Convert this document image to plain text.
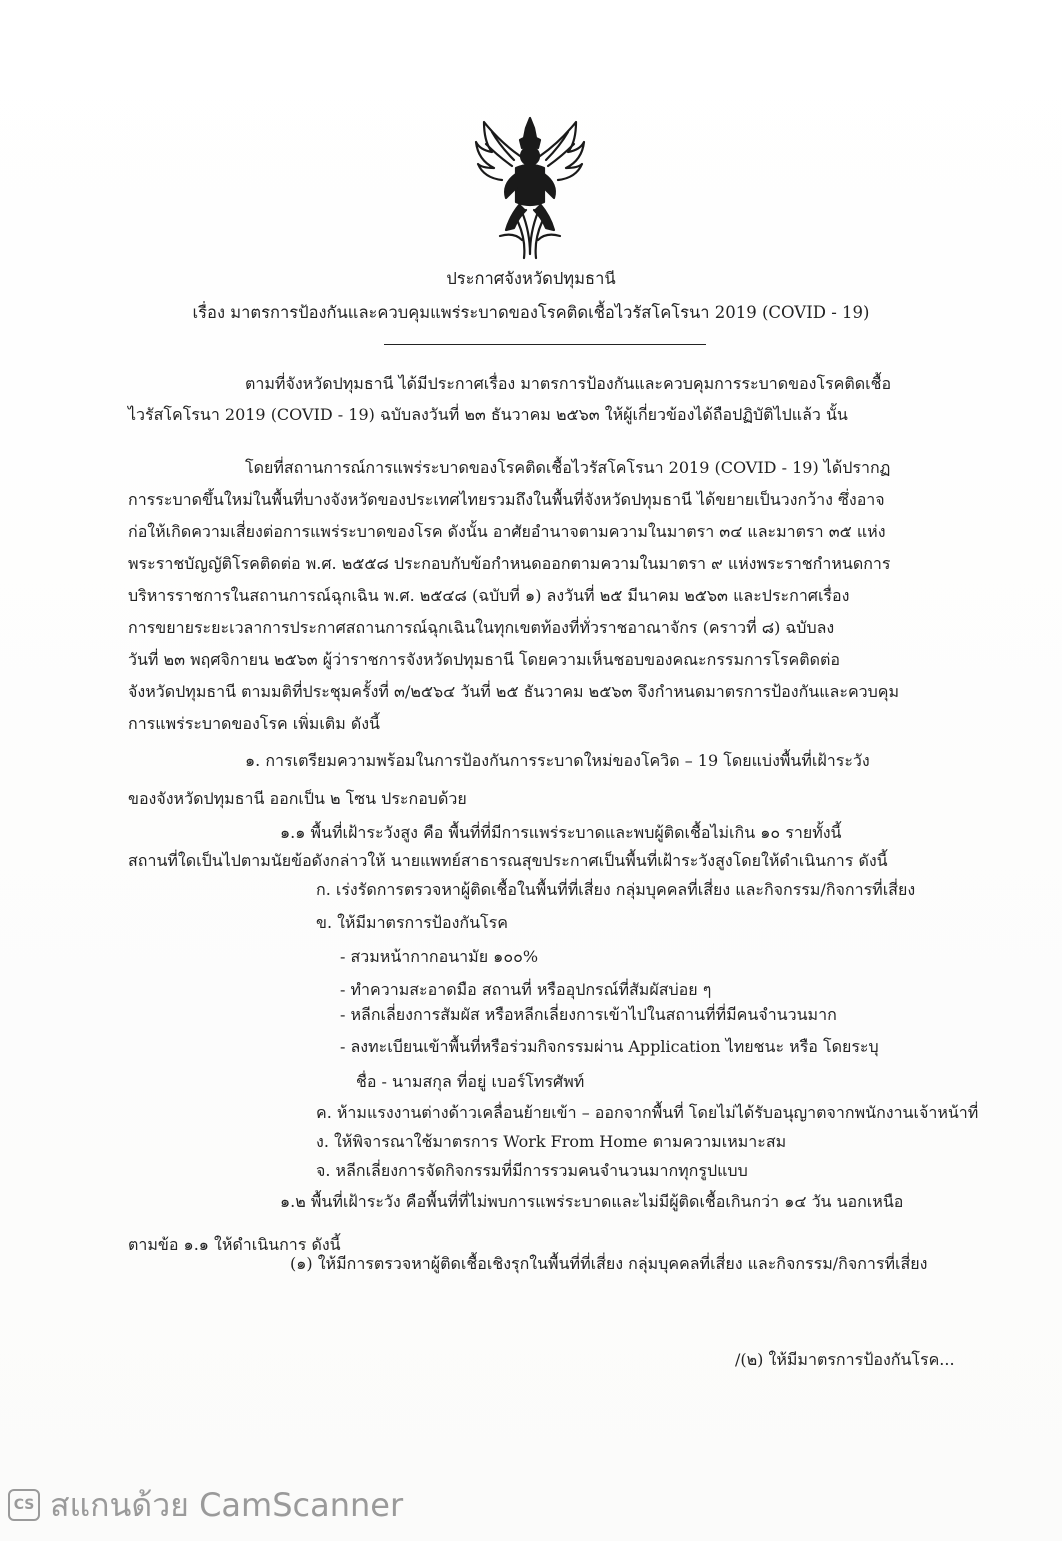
ประกาศจังหวัดปทุมธานี
เรื่อง มาตรการป้องกันและควบคุมแพร่ระบาดของโรคติดเชื้อไวรัสโคโรนา 2019 (COVID - 19)
ตามที่จังหวัดปทุมธานี ได้มีประกาศเรื่อง มาตรการป้องกันและควบคุมการระบาดของโรคติดเชื้อ
ไวรัสโคโรนา 2019 (COVID - 19) ฉบับลงวันที่ ๒๓ ธันวาคม ๒๕๖๓ ให้ผู้เกี่ยวข้องได้ถือปฏิบัติไปแล้ว นั้น
โดยที่สถานการณ์การแพร่ระบาดของโรคติดเชื้อไวรัสโคโรนา 2019 (COVID - 19) ได้ปรากฏ
การระบาดขึ้นใหม่ในพื้นที่บางจังหวัดของประเทศไทยรวมถึงในพื้นที่จังหวัดปทุมธานี ได้ขยายเป็นวงกว้าง ซึ่งอาจ
ก่อให้เกิดความเสี่ยงต่อการแพร่ระบาดของโรค ดังนั้น อาศัยอำนาจตามความในมาตรา ๓๔ และมาตรา ๓๕ แห่ง
พระราชบัญญัติโรคติดต่อ พ.ศ. ๒๕๕๘ ประกอบกับข้อกำหนดออกตามความในมาตรา ๙ แห่งพระราชกำหนดการ
บริหารราชการในสถานการณ์ฉุกเฉิน พ.ศ. ๒๕๔๘ (ฉบับที่ ๑) ลงวันที่ ๒๕ มีนาคม ๒๕๖๓ และประกาศเรื่อง
การขยายระยะเวลาการประกาศสถานการณ์ฉุกเฉินในทุกเขตท้องที่ทั่วราชอาณาจักร (คราวที่ ๘) ฉบับลง
วันที่ ๒๓ พฤศจิกายน ๒๕๖๓ ผู้ว่าราชการจังหวัดปทุมธานี โดยความเห็นชอบของคณะกรรมการโรคติดต่อ
จังหวัดปทุมธานี ตามมติที่ประชุมครั้งที่ ๓/๒๕๖๔ วันที่ ๒๕ ธันวาคม ๒๕๖๓ จึงกำหนดมาตรการป้องกันและควบคุม
การแพร่ระบาดของโรค เพิ่มเติม ดังนี้
๑. การเตรียมความพร้อมในการป้องกันการระบาดใหม่ของโควิด – 19 โดยแบ่งพื้นที่เฝ้าระวัง
ของจังหวัดปทุมธานี ออกเป็น ๒ โซน ประกอบด้วย
๑.๑ พื้นที่เฝ้าระวังสูง คือ พื้นที่ที่มีการแพร่ระบาดและพบผู้ติดเชื้อไม่เกิน ๑๐ รายทั้งนี้
สถานที่ใดเป็นไปตามนัยข้อดังกล่าวให้ นายแพทย์สาธารณสุขประกาศเป็นพื้นที่เฝ้าระวังสูงโดยให้ดำเนินการ ดังนี้
ก. เร่งรัดการตรวจหาผู้ติดเชื้อในพื้นที่ที่เสี่ยง กลุ่มบุคคลที่เสี่ยง และกิจกรรม/กิจการที่เสี่ยง
ข. ให้มีมาตรการป้องกันโรค
- สวมหน้ากากอนามัย ๑๐๐%
- ทำความสะอาดมือ สถานที่ หรืออุปกรณ์ที่สัมผัสบ่อย ๆ
- หลีกเลี่ยงการสัมผัส หรือหลีกเลี่ยงการเข้าไปในสถานที่ที่มีคนจำนวนมาก
- ลงทะเบียนเข้าพื้นที่หรือร่วมกิจกรรมผ่าน Application ไทยชนะ หรือ โดยระบุ
ชื่อ - นามสกุล ที่อยู่ เบอร์โทรศัพท์
ค. ห้ามแรงงานต่างด้าวเคลื่อนย้ายเข้า – ออกจากพื้นที่ โดยไม่ได้รับอนุญาตจากพนักงานเจ้าหน้าที่
ง. ให้พิจารณาใช้มาตรการ Work From Home ตามความเหมาะสม
จ. หลีกเลี่ยงการจัดกิจกรรมที่มีการรวมคนจำนวนมากทุกรูปแบบ
๑.๒ พื้นที่เฝ้าระวัง คือพื้นที่ที่ไม่พบการแพร่ระบาดและไม่มีผู้ติดเชื้อเกินกว่า ๑๔ วัน นอกเหนือ
ตามข้อ ๑.๑ ให้ดำเนินการ ดังนี้
(๑) ให้มีการตรวจหาผู้ติดเชื้อเชิงรุกในพื้นที่ที่เสี่ยง กลุ่มบุคคลที่เสี่ยง และกิจกรรม/กิจการที่เสี่ยง
/(๒) ให้มีมาตรการป้องกันโรค...
CS สแกนด้วย CamScanner
